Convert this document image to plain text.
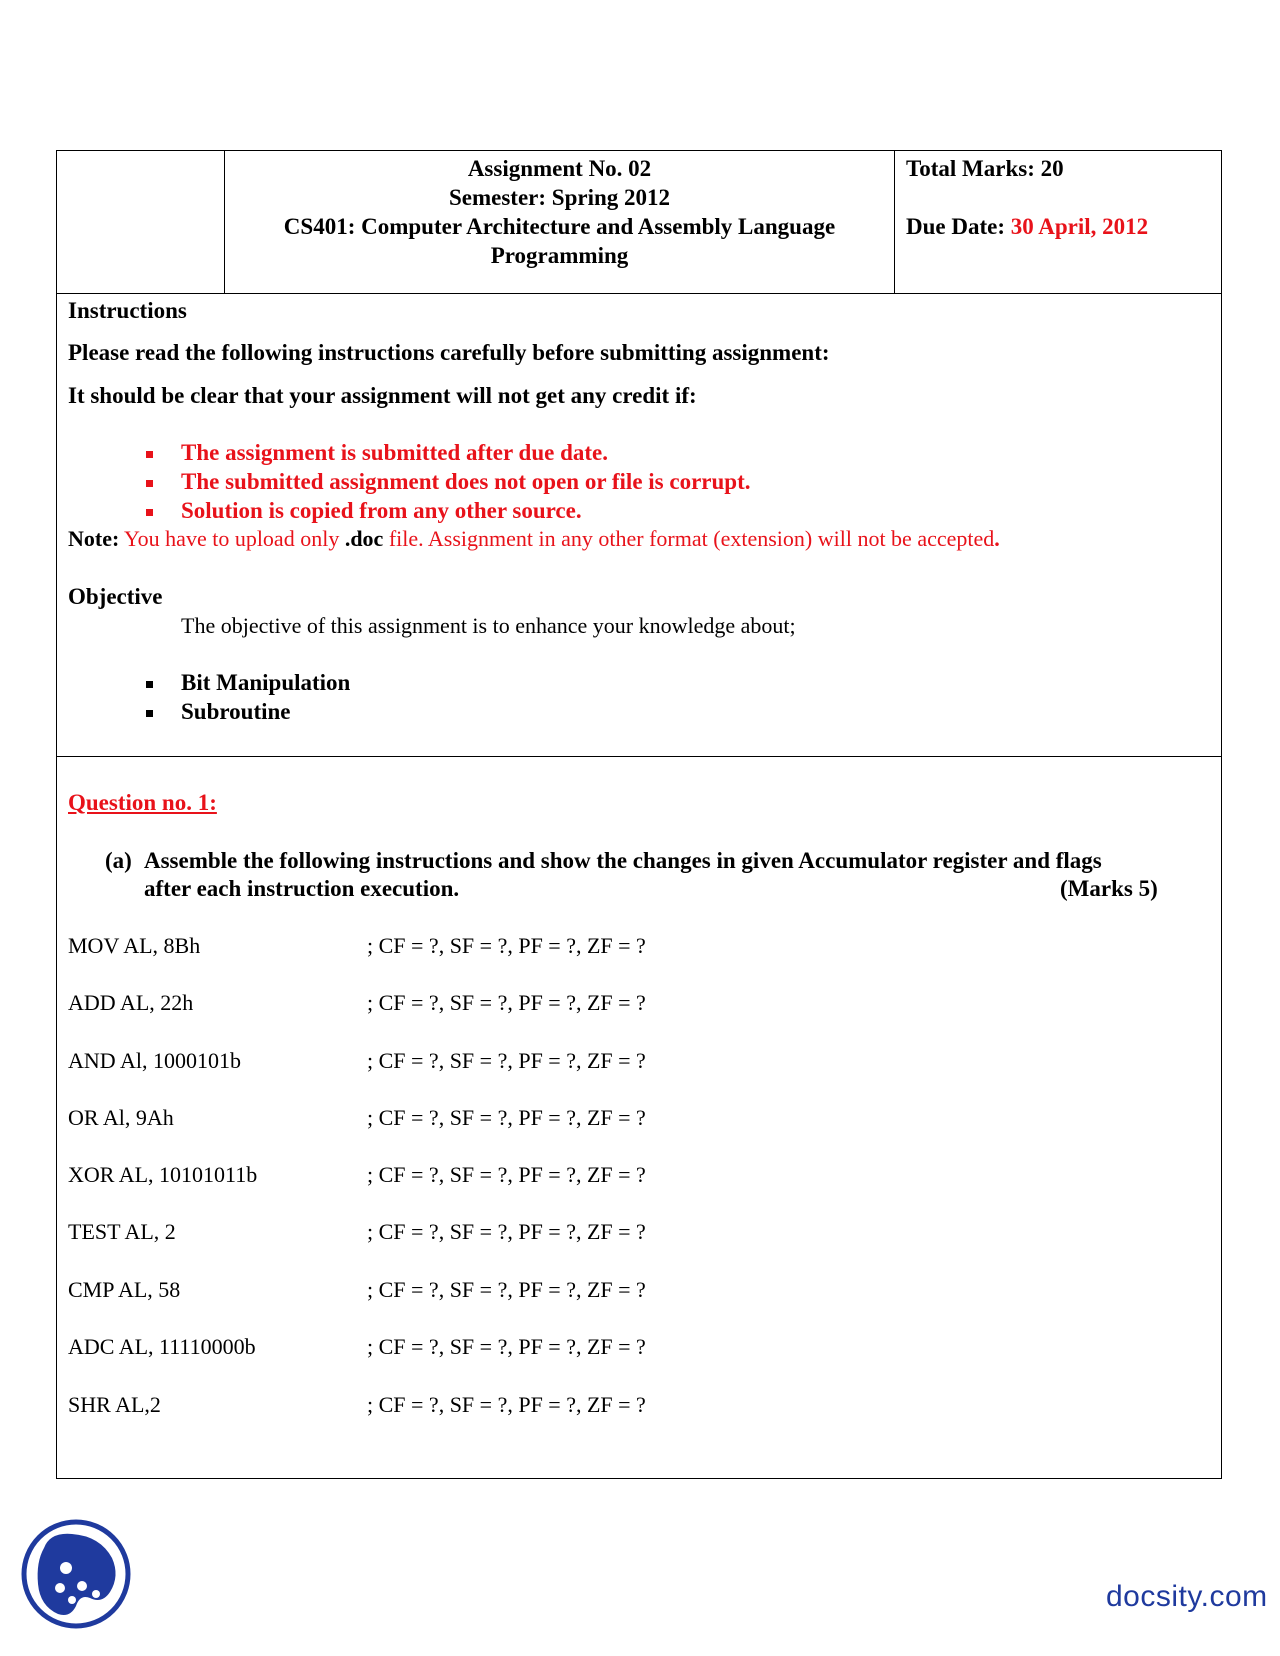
Assignment No. 02
Semester: Spring 2012
CS401: Computer Architecture and Assembly Language
Programming
Total Marks: 20
Due Date: 30 April, 2012
Instructions
Please read the following instructions carefully before submitting assignment:
It should be clear that your assignment will not get any credit if:
The assignment is submitted after due date.
The submitted assignment does not open or file is corrupt.
Solution is copied from any other source.
Note: You have to upload only .doc file. Assignment in any other format (extension) will not be accepted.
Objective
The objective of this assignment is to enhance your knowledge about;
Bit Manipulation
Subroutine
Question no. 1:
(a) Assemble the following instructions and show the changes in given Accumulator register and flags
after each instruction execution.	(Marks 5)
MOV AL, 8Bh	; CF = ?, SF = ?, PF = ?, ZF = ?
ADD AL, 22h	; CF = ?, SF = ?, PF = ?, ZF = ?
AND Al, 1000101b	; CF = ?, SF = ?, PF = ?, ZF = ?
OR Al, 9Ah	; CF = ?, SF = ?, PF = ?, ZF = ?
XOR AL, 10101011b	; CF = ?, SF = ?, PF = ?, ZF = ?
TEST AL, 2	; CF = ?, SF = ?, PF = ?, ZF = ?
CMP AL, 58	; CF = ?, SF = ?, PF = ?, ZF = ?
ADC AL, 11110000b	; CF = ?, SF = ?, PF = ?, ZF = ?
SHR AL,2	; CF = ?, SF = ?, PF = ?, ZF = ?
docsity.com
